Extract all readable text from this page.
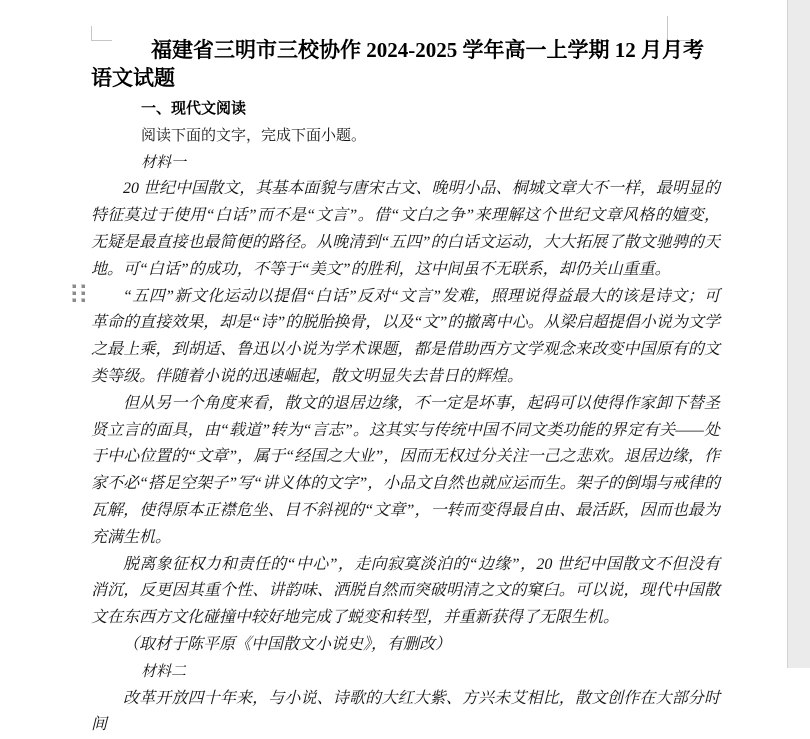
福建省三明市三校协作 2024-2025 学年高一上学期 12 月月考语文试题
一、现代文阅读

阅读下面的文字，完成下面小题。

材料一

20 世纪中国散文，其基本面貌与唐宋古文、晚明小品、桐城文章大不一样，最明显的特征莫过于使用“白话”而不是“文言”。借“文白之争”来理解这个世纪文章风格的嬗变，无疑是最直接也最简便的路径。从晚清到“五四”的白话文运动，大大拓展了散文驰骋的天地。可“白话”的成功，不等于“美文”的胜利，这中间虽不无联系，却仍关山重重。

“五四”新文化运动以提倡“白话”反对“文言”发难，照理说得益最大的该是诗文；可革命的直接效果，却是“诗”的脱胎换骨，以及“文”的撤离中心。从梁启超提倡小说为文学之最上乘，到胡适、鲁迅以小说为学术课题，都是借助西方文学观念来改变中国原有的文类等级。伴随着小说的迅速崛起，散文明显失去昔日的辉煌。

但从另一个角度来看，散文的退居边缘，不一定是坏事，起码可以使得作家卸下替圣贤立言的面具，由“载道”转为“言志”。这其实与传统中国不同文类功能的界定有关——处于中心位置的“文章”，属于“经国之大业”，因而无权过分关注一己之悲欢。退居边缘，作家不必“搭足空架子”写“讲义体的文字”，小品文自然也就应运而生。架子的倒塌与戒律的瓦解，使得原本正襟危坐、目不斜视的“文章”，一转而变得最自由、最活跃，因而也最为充满生机。

脱离象征权力和责任的“中心”，走向寂寞淡泊的“边缘”，20 世纪中国散文不但没有消沉，反更因其重个性、讲韵味、洒脱自然而突破明清之文的窠臼。可以说，现代中国散文在东西方文化碰撞中较好地完成了蜕变和转型，并重新获得了无限生机。

（取材于陈平原《中国散文小说史》，有删改）

材料二

改革开放四十年来，与小说、诗歌的大红大紫、方兴未艾相比，散文创作在大部分时间
